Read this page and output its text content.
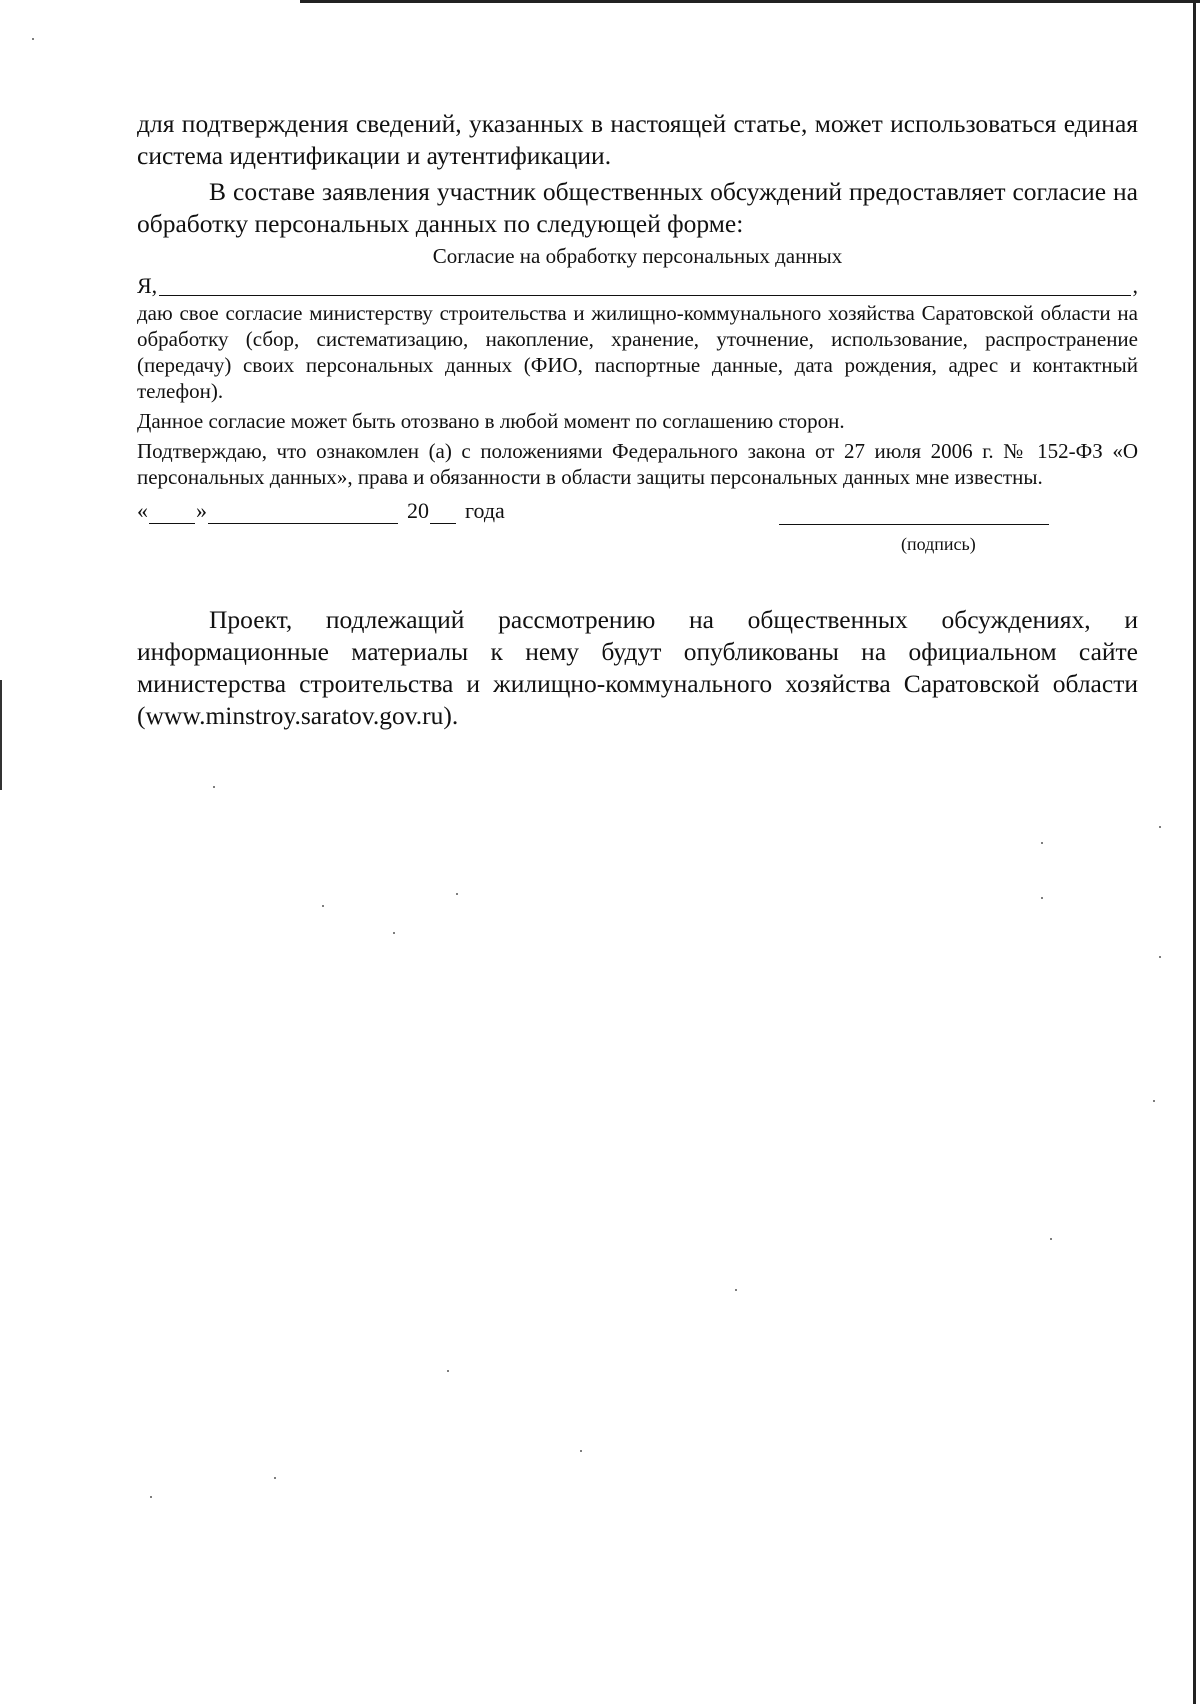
для подтверждения сведений, указанных в настоящей статье, может использоваться единая система идентификации и аутентификации.

В составе заявления участник общественных обсуждений предоставляет согласие на обработку персональных данных по следующей форме:

Согласие на обработку персональных данных
Я,	,

даю свое согласие министерству строительства и жилищно-коммунального хозяйства Саратовской области на обработку (сбор, систематизацию, накопление, хранение, уточнение, использование, распространение (передачу) своих персональных данных (ФИО, паспортные данные, дата рождения, адрес и контактный телефон).

Данное согласие может быть отозвано в любой момент по соглашению сторон.

Подтверждаю, что ознакомлен (а) с положениями Федерального закона от 27 июля 2006 г. № 152-ФЗ «О персональных данных», права и обязанности в области защиты персональных данных мне известны.

« »	20 года
(подпись)

Проект, подлежащий рассмотрению на общественных обсуждениях, и информационные материалы к нему будут опубликованы на официальном сайте министерства строительства и жилищно-коммунального хозяйства Саратовской области (www.minstroy.saratov.gov.ru).
